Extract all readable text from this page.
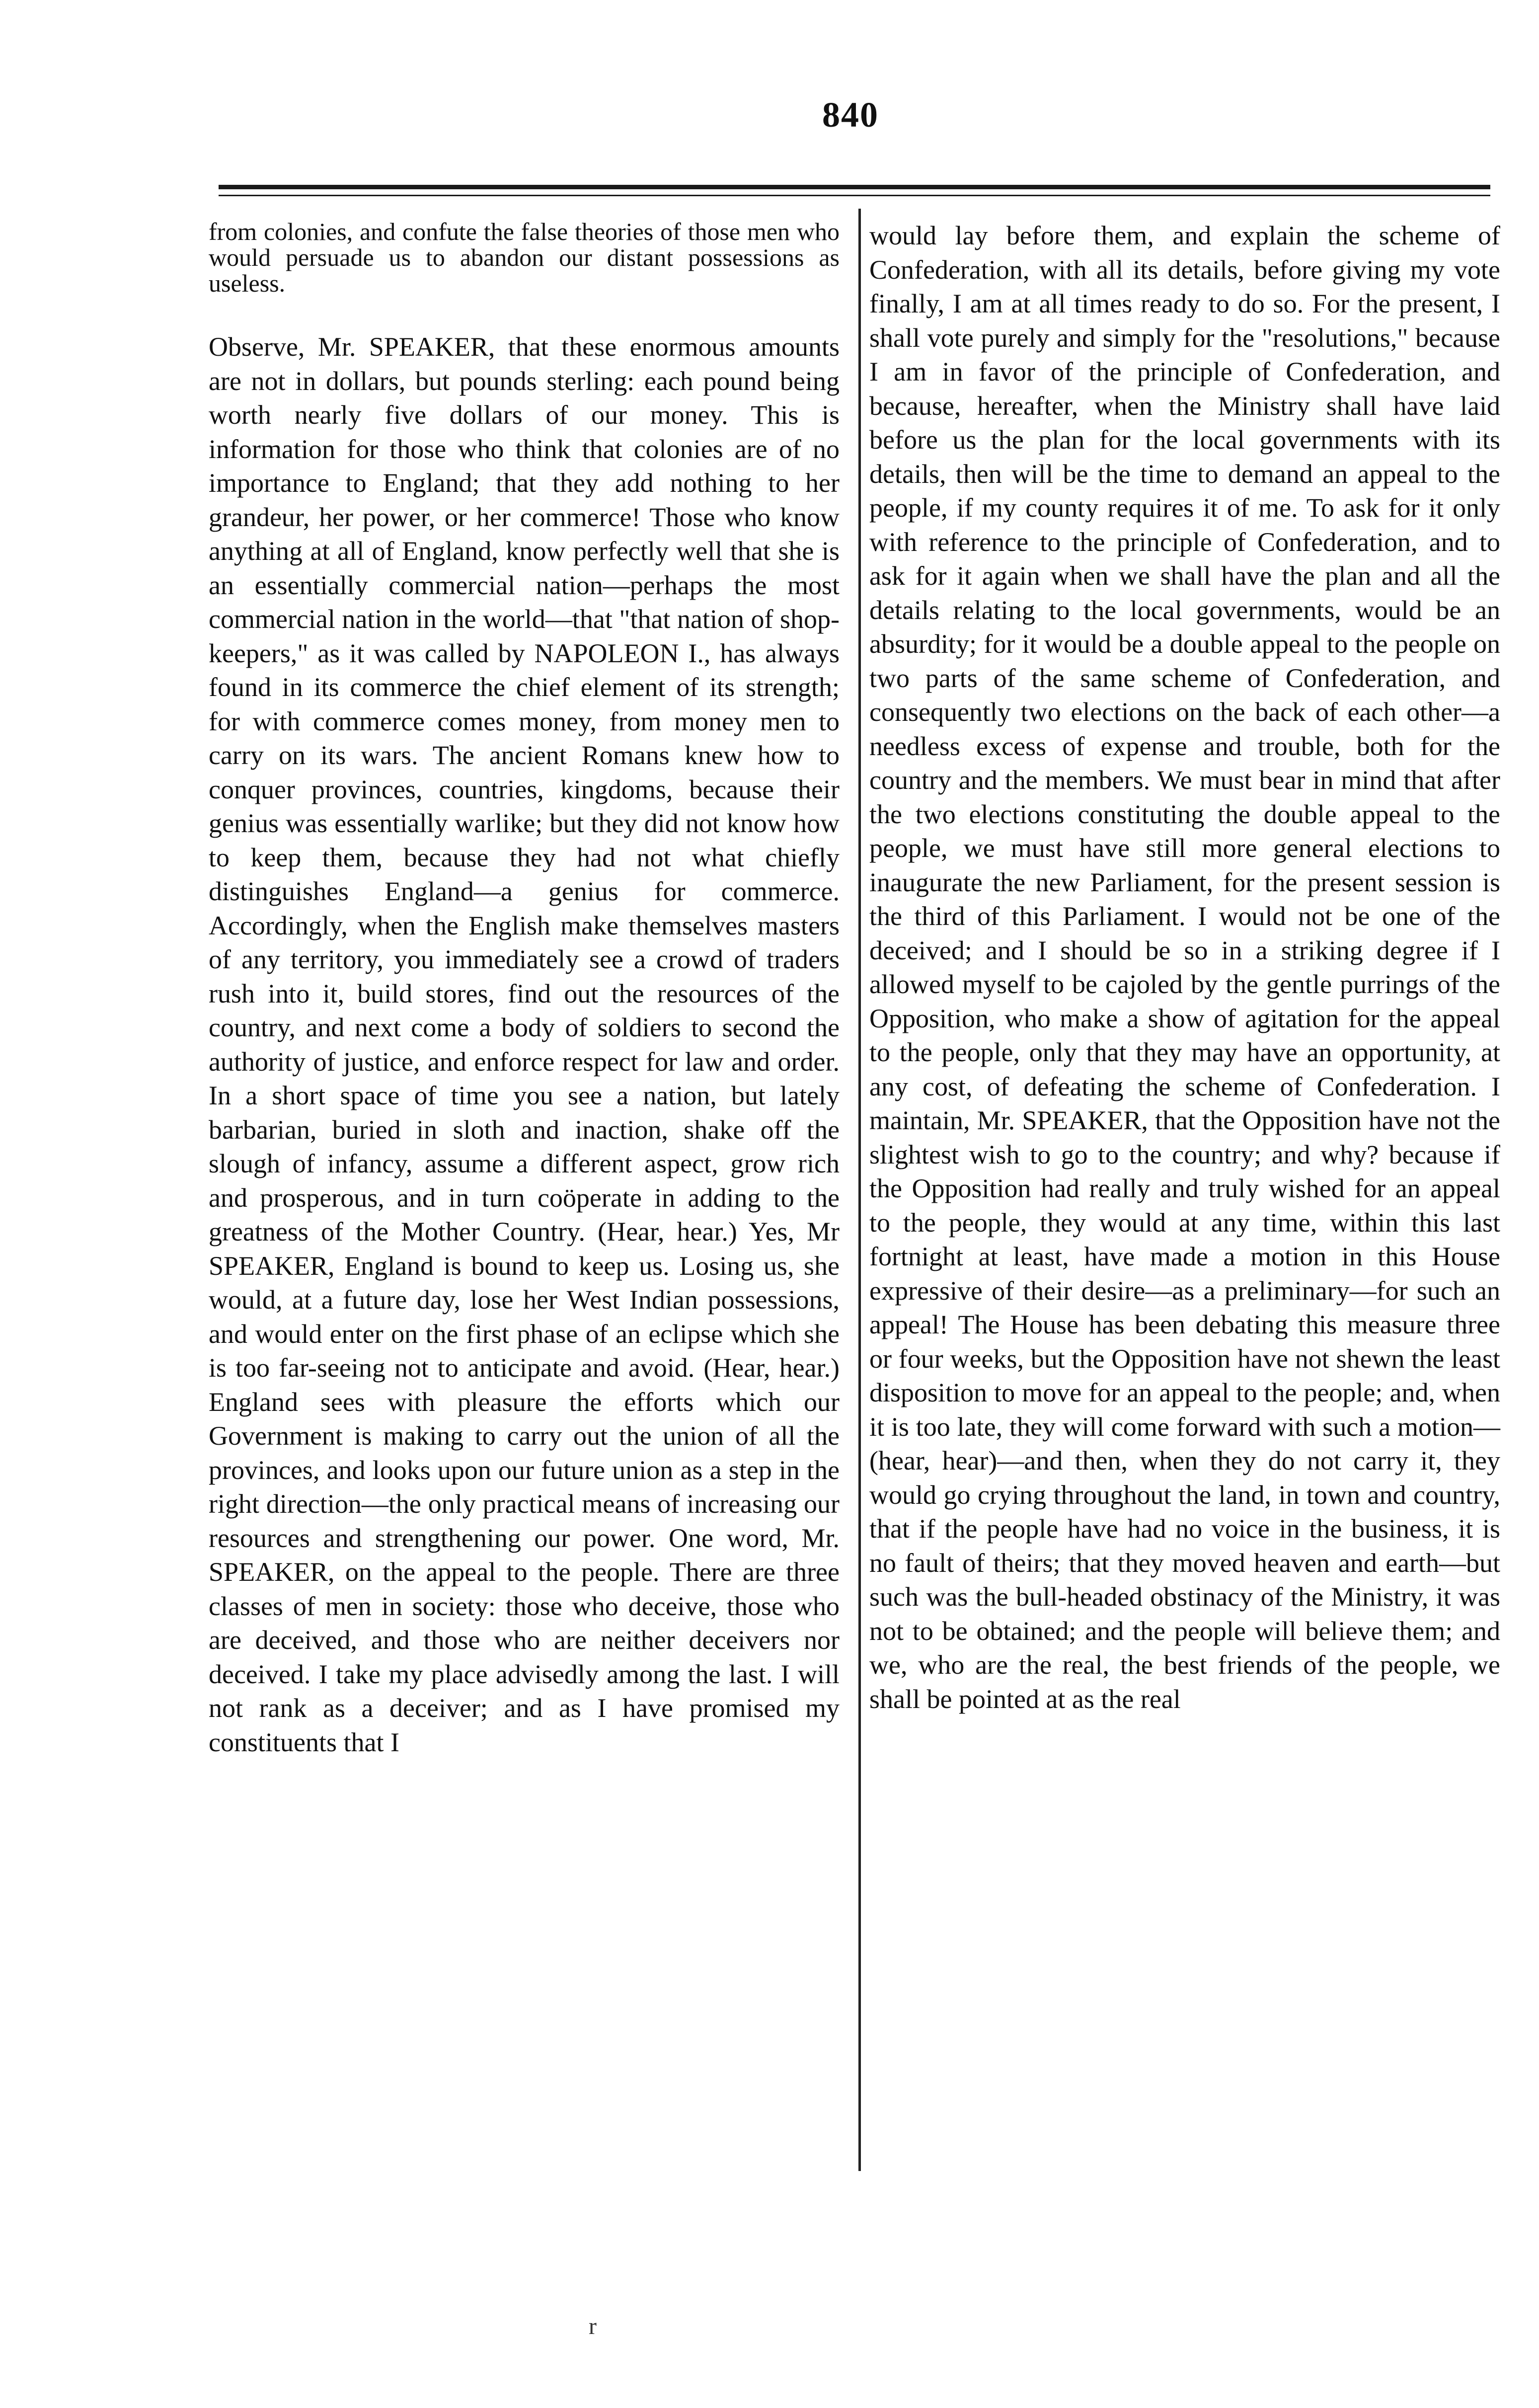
840

from colonies, and confute the false theories of those men who would persuade us to abandon our distant possessions as useless.

Observe, Mr. SPEAKER, that these enormous amounts are not in dollars, but pounds sterling: each pound being worth nearly five dollars of our money. This is information for those who think that colonies are of no importance to England; that they add nothing to her grandeur, her power, or her commerce! Those who know anything at all of England, know perfectly well that she is an essentially commercial nation—perhaps the most commercial nation in the world—that "that nation of shop-keepers," as it was called by NAPOLEON I., has always found in its commerce the chief element of its strength; for with commerce comes money, from money men to carry on its wars. The ancient Romans knew how to conquer provinces, countries, kingdoms, because their genius was essentially warlike; but they did not know how to keep them, because they had not what chiefly distinguishes England—a genius for commerce. Accordingly, when the English make themselves masters of any territory, you immediately see a crowd of traders rush into it, build stores, find out the resources of the country, and next come a body of soldiers to second the authority of justice, and enforce respect for law and order. In a short space of time you see a nation, but lately barbarian, buried in sloth and inaction, shake off the slough of infancy, assume a different aspect, grow rich and prosperous, and in turn coöperate in adding to the greatness of the Mother Country. (Hear, hear.) Yes, Mr SPEAKER, England is bound to keep us. Losing us, she would, at a future day, lose her West Indian possessions, and would enter on the first phase of an eclipse which she is too far-seeing not to anticipate and avoid. (Hear, hear.) England sees with pleasure the efforts which our Government is making to carry out the union of all the provinces, and looks upon our future union as a step in the right direction—the only practical means of increasing our resources and strengthening our power. One word, Mr. SPEAKER, on the appeal to the people. There are three classes of men in society: those who deceive, those who are deceived, and those who are neither deceivers nor deceived. I take my place advisedly among the last. I will not rank as a deceiver; and as I have promised my constituents that I

would lay before them, and explain the scheme of Confederation, with all its details, before giving my vote finally, I am at all times ready to do so. For the present, I shall vote purely and simply for the "resolutions," because I am in favor of the principle of Confederation, and because, hereafter, when the Ministry shall have laid before us the plan for the local governments with its details, then will be the time to demand an appeal to the people, if my county requires it of me. To ask for it only with reference to the principle of Confederation, and to ask for it again when we shall have the plan and all the details relating to the local governments, would be an absurdity; for it would be a double appeal to the people on two parts of the same scheme of Confederation, and consequently two elections on the back of each other—a needless excess of expense and trouble, both for the country and the members. We must bear in mind that after the two elections constituting the double appeal to the people, we must have still more general elections to inaugurate the new Parliament, for the present session is the third of this Parliament. I would not be one of the deceived; and I should be so in a striking degree if I allowed myself to be cajoled by the gentle purrings of the Opposition, who make a show of agitation for the appeal to the people, only that they may have an opportunity, at any cost, of defeating the scheme of Confederation. I maintain, Mr. SPEAKER, that the Opposition have not the slightest wish to go to the country; and why? because if the Opposition had really and truly wished for an appeal to the people, they would at any time, within this last fortnight at least, have made a motion in this House expressive of their desire—as a preliminary—for such an appeal! The House has been debating this measure three or four weeks, but the Opposition have not shewn the least disposition to move for an appeal to the people; and, when it is too late, they will come forward with such a motion—(hear, hear)—and then, when they do not carry it, they would go crying throughout the land, in town and country, that if the people have had no voice in the business, it is no fault of theirs; that they moved heaven and earth—but such was the bull-headed obstinacy of the Ministry, it was not to be obtained; and the people will believe them; and we, who are the real, the best friends of the people, we shall be pointed at as the real

r
